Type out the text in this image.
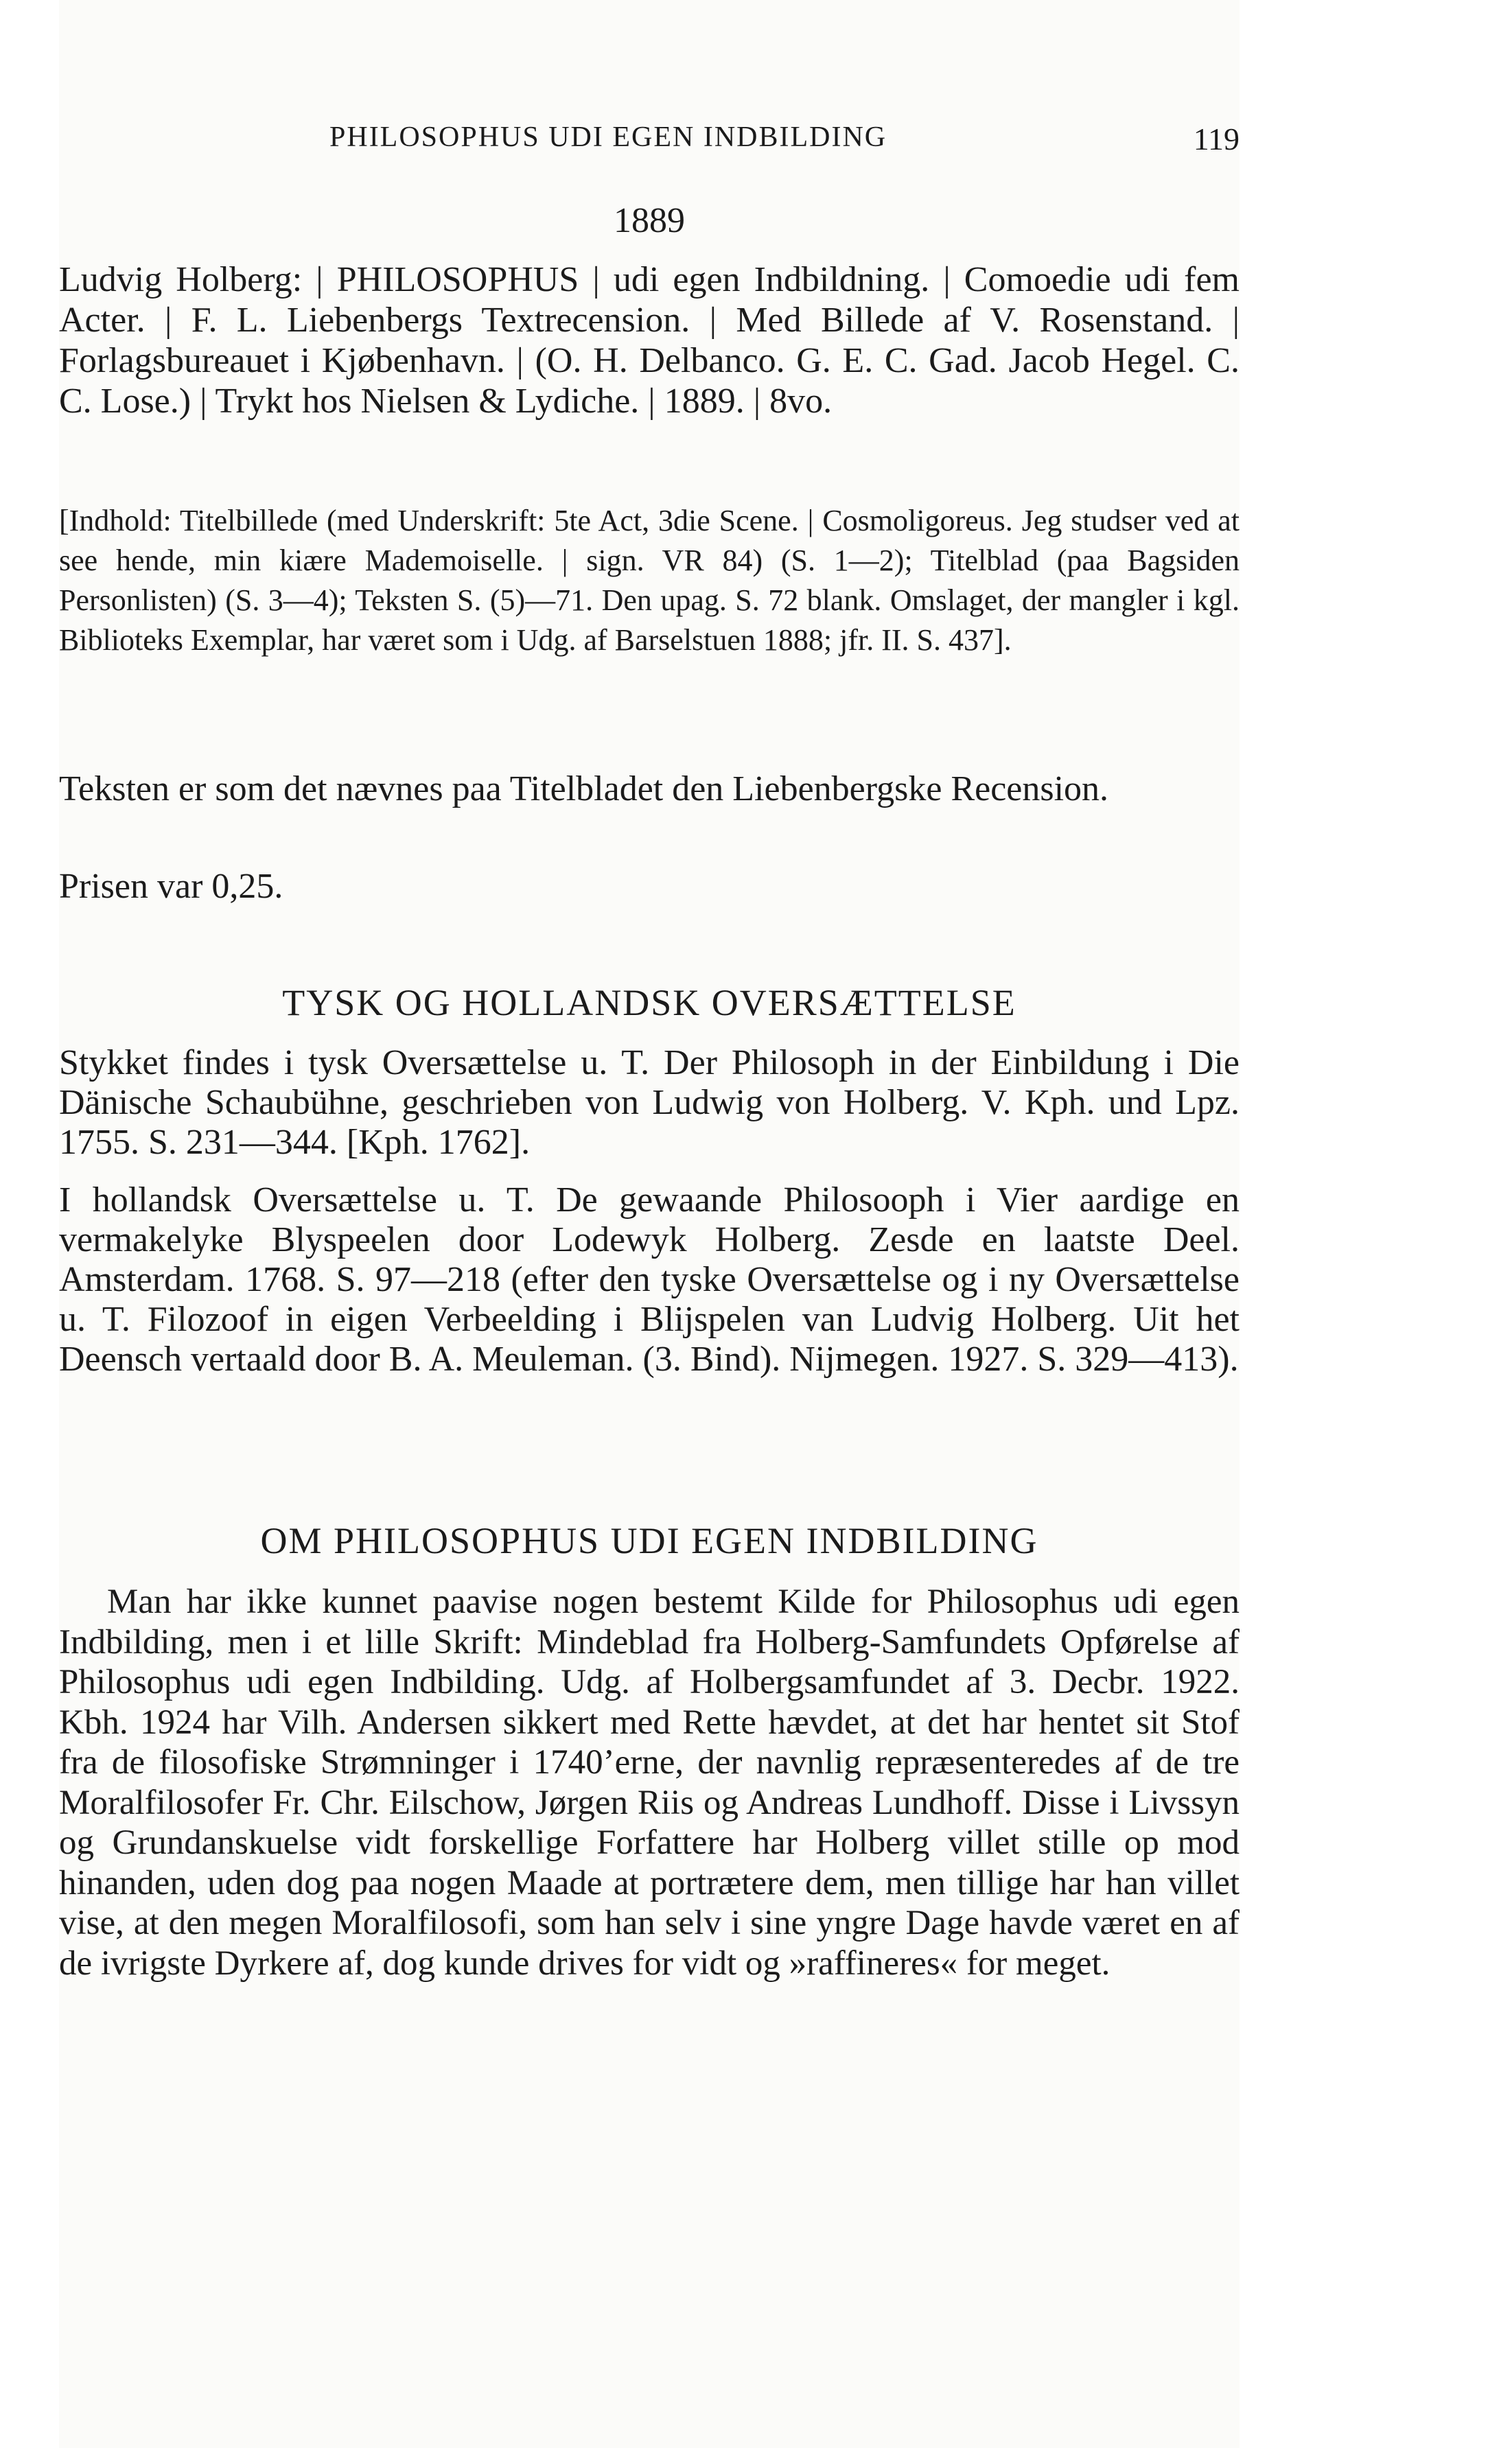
PHILOSOPHUS UDI EGEN INDBILDING	119
1889

Ludvig Holberg: | PHILOSOPHUS | udi egen Indbildning. | Comoedie udi fem Acter. | F. L. Liebenbergs Textrecension. | Med Billede af V. Rosenstand. | Forlagsbureauet i Kjøbenhavn. | (O. H. Delbanco. G. E. C. Gad. Jacob Hegel. C. C. Lose.) | Trykt hos Nielsen & Lydiche. | 1889. | 8vo.

[Indhold: Titelbillede (med Underskrift: 5te Act, 3die Scene. | Cosmoligoreus. Jeg studser ved at see hende, min kiære Mademoiselle. | sign. VR 84) (S. 1—2); Titelblad (paa Bagsiden Personlisten) (S. 3—4); Teksten S. (5)—71. Den upag. S. 72 blank. Omslaget, der mangler i kgl. Biblioteks Exemplar, har været som i Udg. af Barselstuen 1888; jfr. II. S. 437].

Teksten er som det nævnes paa Titelbladet den Liebenbergske Recension.

Prisen var 0,25.

TYSK OG HOLLANDSK OVERSÆTTELSE

Stykket findes i tysk Oversættelse u. T. Der Philosoph in der Einbildung i Die Dänische Schaubühne, geschrieben von Ludwig von Holberg. V. Kph. und Lpz. 1755. S. 231—344. [Kph. 1762].

I hollandsk Oversættelse u. T. De gewaande Philosooph i Vier aardige en vermakelyke Blyspeelen door Lodewyk Holberg. Zesde en laatste Deel. Amsterdam. 1768. S. 97—218 (efter den tyske Oversættelse og i ny Oversættelse u. T. Filozoof in eigen Verbeelding i Blijspelen van Ludvig Holberg. Uit het Deensch vertaald door B. A. Meuleman. (3. Bind). Nijmegen. 1927. S. 329—413).

OM PHILOSOPHUS UDI EGEN INDBILDING

Man har ikke kunnet paavise nogen bestemt Kilde for Philosophus udi egen Indbilding, men i et lille Skrift: Mindeblad fra Holberg-Samfundets Opførelse af Philosophus udi egen Indbilding. Udg. af Holbergsamfundet af 3. Decbr. 1922. Kbh. 1924 har Vilh. Andersen sikkert med Rette hævdet, at det har hentet sit Stof fra de filosofiske Strømninger i 1740’erne, der navnlig repræsenteredes af de tre Moralfilosofer Fr. Chr. Eilschow, Jørgen Riis og Andreas Lundhoff. Disse i Livssyn og Grundanskuelse vidt forskellige Forfattere har Holberg villet stille op mod hinanden, uden dog paa nogen Maade at portrætere dem, men tillige har han villet vise, at den megen Moralfilosofi, som han selv i sine yngre Dage havde været en af de ivrigste Dyrkere af, dog kunde drives for vidt og »raffineres« for meget.
